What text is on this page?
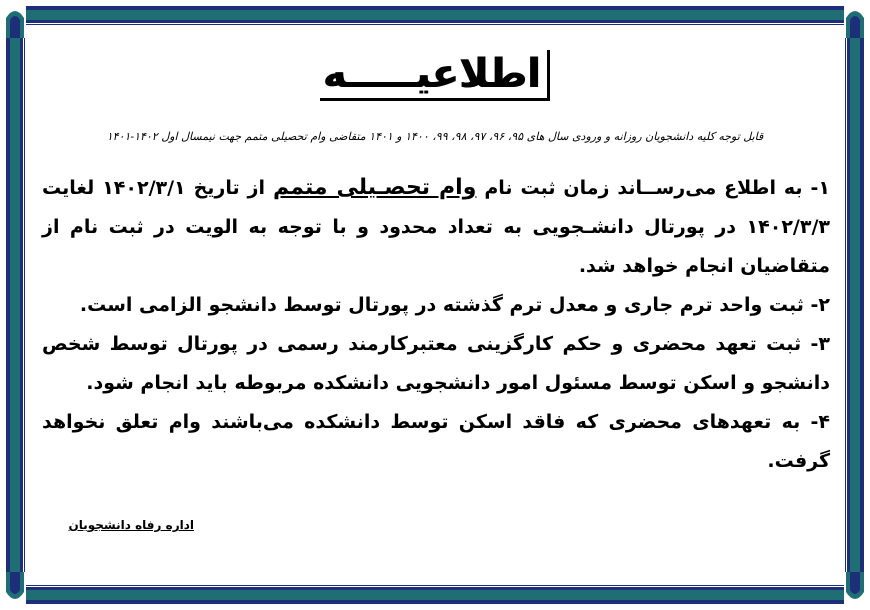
اطلاعیـــــه
قابل توجه کلیه دانشجویان روزانه و ورودی سال های ۹۵، ۹۶، ۹۷، ۹۸، ۹۹، ۱۴۰۰ و ۱۴۰۱ متقاضی وام تحصیلی متمم جهت نیمسال اول ۱۴۰۲-۱۴۰۱

۱- به اطلاع می‌رســاند زمان ثبت نام وام تحصـیلی متمم از تاریخ ۱۴۰۲/۳/۱ لغایت ۱۴۰۲/۳/۳ در پورتال دانشـجویی به تعداد محدود و با توجه به الویت در ثبت نام از متقاضیان انجام خواهد شد.

۲- ثبت واحد ترم جاری و معدل ترم گذشته در پورتال توسط دانشجو الزامی است.

۳- ثبت تعهد محضری و حکم کارگزینی معتبرکارمند رسمی در پورتال توسط شخص دانشجو و اسکن توسط مسئول امور دانشجویی دانشکده مربوطه باید انجام شود.

۴- به تعهدهای محضری که فاقد اسکن توسط دانشکده می‌باشند وام تعلق نخواهد گرفت.

اداره رفاه دانشجویان
